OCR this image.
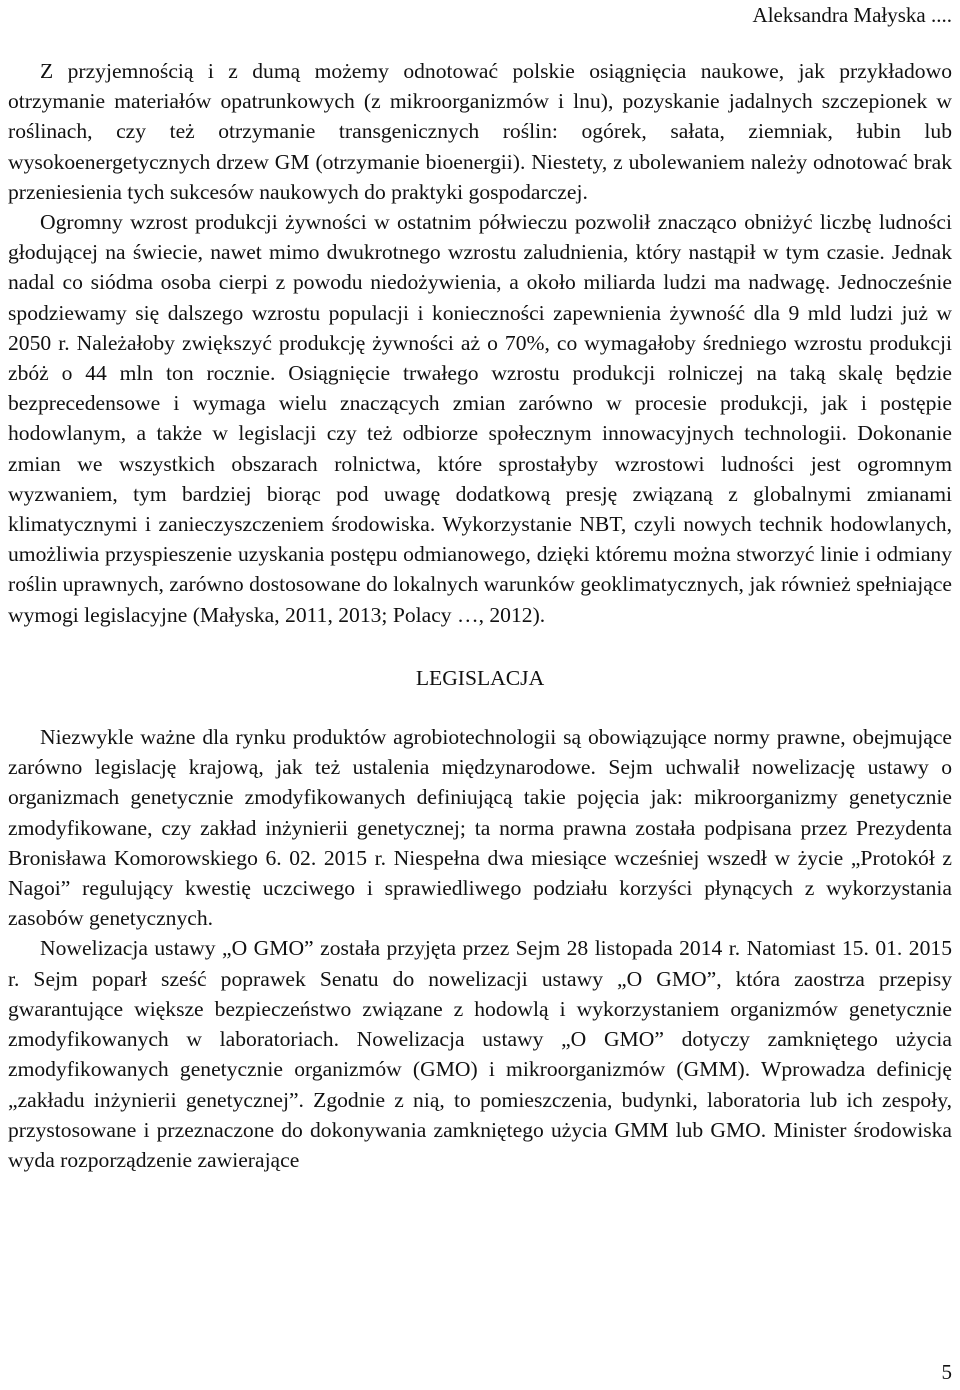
Aleksandra Małyska ....

Z przyjemnością i z dumą możemy odnotować polskie osiągnięcia naukowe, jak przykładowo otrzymanie materiałów opatrunkowych (z mikroorganizmów i lnu), pozyskanie jadalnych szczepionek w roślinach, czy też otrzymanie transgenicznych roślin: ogórek, sałata, ziemniak, łubin lub wysokoenergetycznych drzew GM (otrzymanie bioenergii). Niestety, z ubolewaniem należy odnotować brak przeniesienia tych sukcesów naukowych do praktyki gospodarczej.

Ogromny wzrost produkcji żywności w ostatnim półwieczu pozwolił znacząco obniżyć liczbę ludności głodującej na świecie, nawet mimo dwukrotnego wzrostu zaludnienia, który nastąpił w tym czasie. Jednak nadal co siódma osoba cierpi z powodu niedożywienia, a około miliarda ludzi ma nadwagę. Jednocześnie spodziewamy się dalszego wzrostu populacji i konieczności zapewnienia żywność dla 9 mld ludzi już w 2050 r. Należałoby zwiększyć produkcję żywności aż o 70%, co wymagałoby średniego wzrostu produkcji zbóż o 44 mln ton rocznie. Osiągnięcie trwałego wzrostu produkcji rolniczej na taką skalę będzie bezprecedensowe i wymaga wielu znaczących zmian zarówno w procesie produkcji, jak i postępie hodowlanym, a także w legislacji czy też odbiorze społecznym innowacyjnych technologii. Dokonanie zmian we wszystkich obszarach rolnictwa, które sprostałyby wzrostowi ludności jest ogromnym wyzwaniem, tym bardziej biorąc pod uwagę dodatkową presję związaną z globalnymi zmianami klimatycznymi i zanieczyszczeniem środowiska. Wykorzystanie NBT, czyli nowych technik hodowlanych, umożliwia przyspieszenie uzyskania postępu odmianowego, dzięki któremu można stworzyć linie i odmiany roślin uprawnych, zarówno dostosowane do lokalnych warunków geoklimatycznych, jak również spełniające wymogi legislacyjne (Małyska, 2011, 2013; Polacy …, 2012).

LEGISLACJA

Niezwykle ważne dla rynku produktów agrobiotechnologii są obowiązujące normy prawne, obejmujące zarówno legislację krajową, jak też ustalenia międzynarodowe. Sejm uchwalił nowelizację ustawy o organizmach genetycznie zmodyfikowanych definiującą takie pojęcia jak: mikroorganizmy genetycznie zmodyfikowane, czy zakład inżynierii genetycznej; ta norma prawna została podpisana przez Prezydenta Bronisława Komorowskiego 6. 02. 2015 r. Niespełna dwa miesiące wcześniej wszedł w życie „Protokół z Nagoi” regulujący kwestię uczciwego i sprawiedliwego podziału korzyści płynących z wykorzystania zasobów genetycznych.

Nowelizacja ustawy „O GMO” została przyjęta przez Sejm 28 listopada 2014 r. Natomiast 15. 01. 2015 r. Sejm poparł sześć poprawek Senatu do nowelizacji ustawy „O GMO”, która zaostrza przepisy gwarantujące większe bezpieczeństwo związane z hodowlą i wykorzystaniem organizmów genetycznie zmodyfikowanych w laboratoriach. Nowelizacja ustawy „O GMO” dotyczy zamkniętego użycia zmodyfikowanych genetycznie organizmów (GMO) i mikroorganizmów (GMM). Wprowadza definicję „zakładu inżynierii genetycznej”. Zgodnie z nią, to pomieszczenia, budynki, laboratoria lub ich zespoły, przystosowane i przeznaczone do dokonywania zamkniętego użycia GMM lub GMO. Minister środowiska wyda rozporządzenie zawierające

5
